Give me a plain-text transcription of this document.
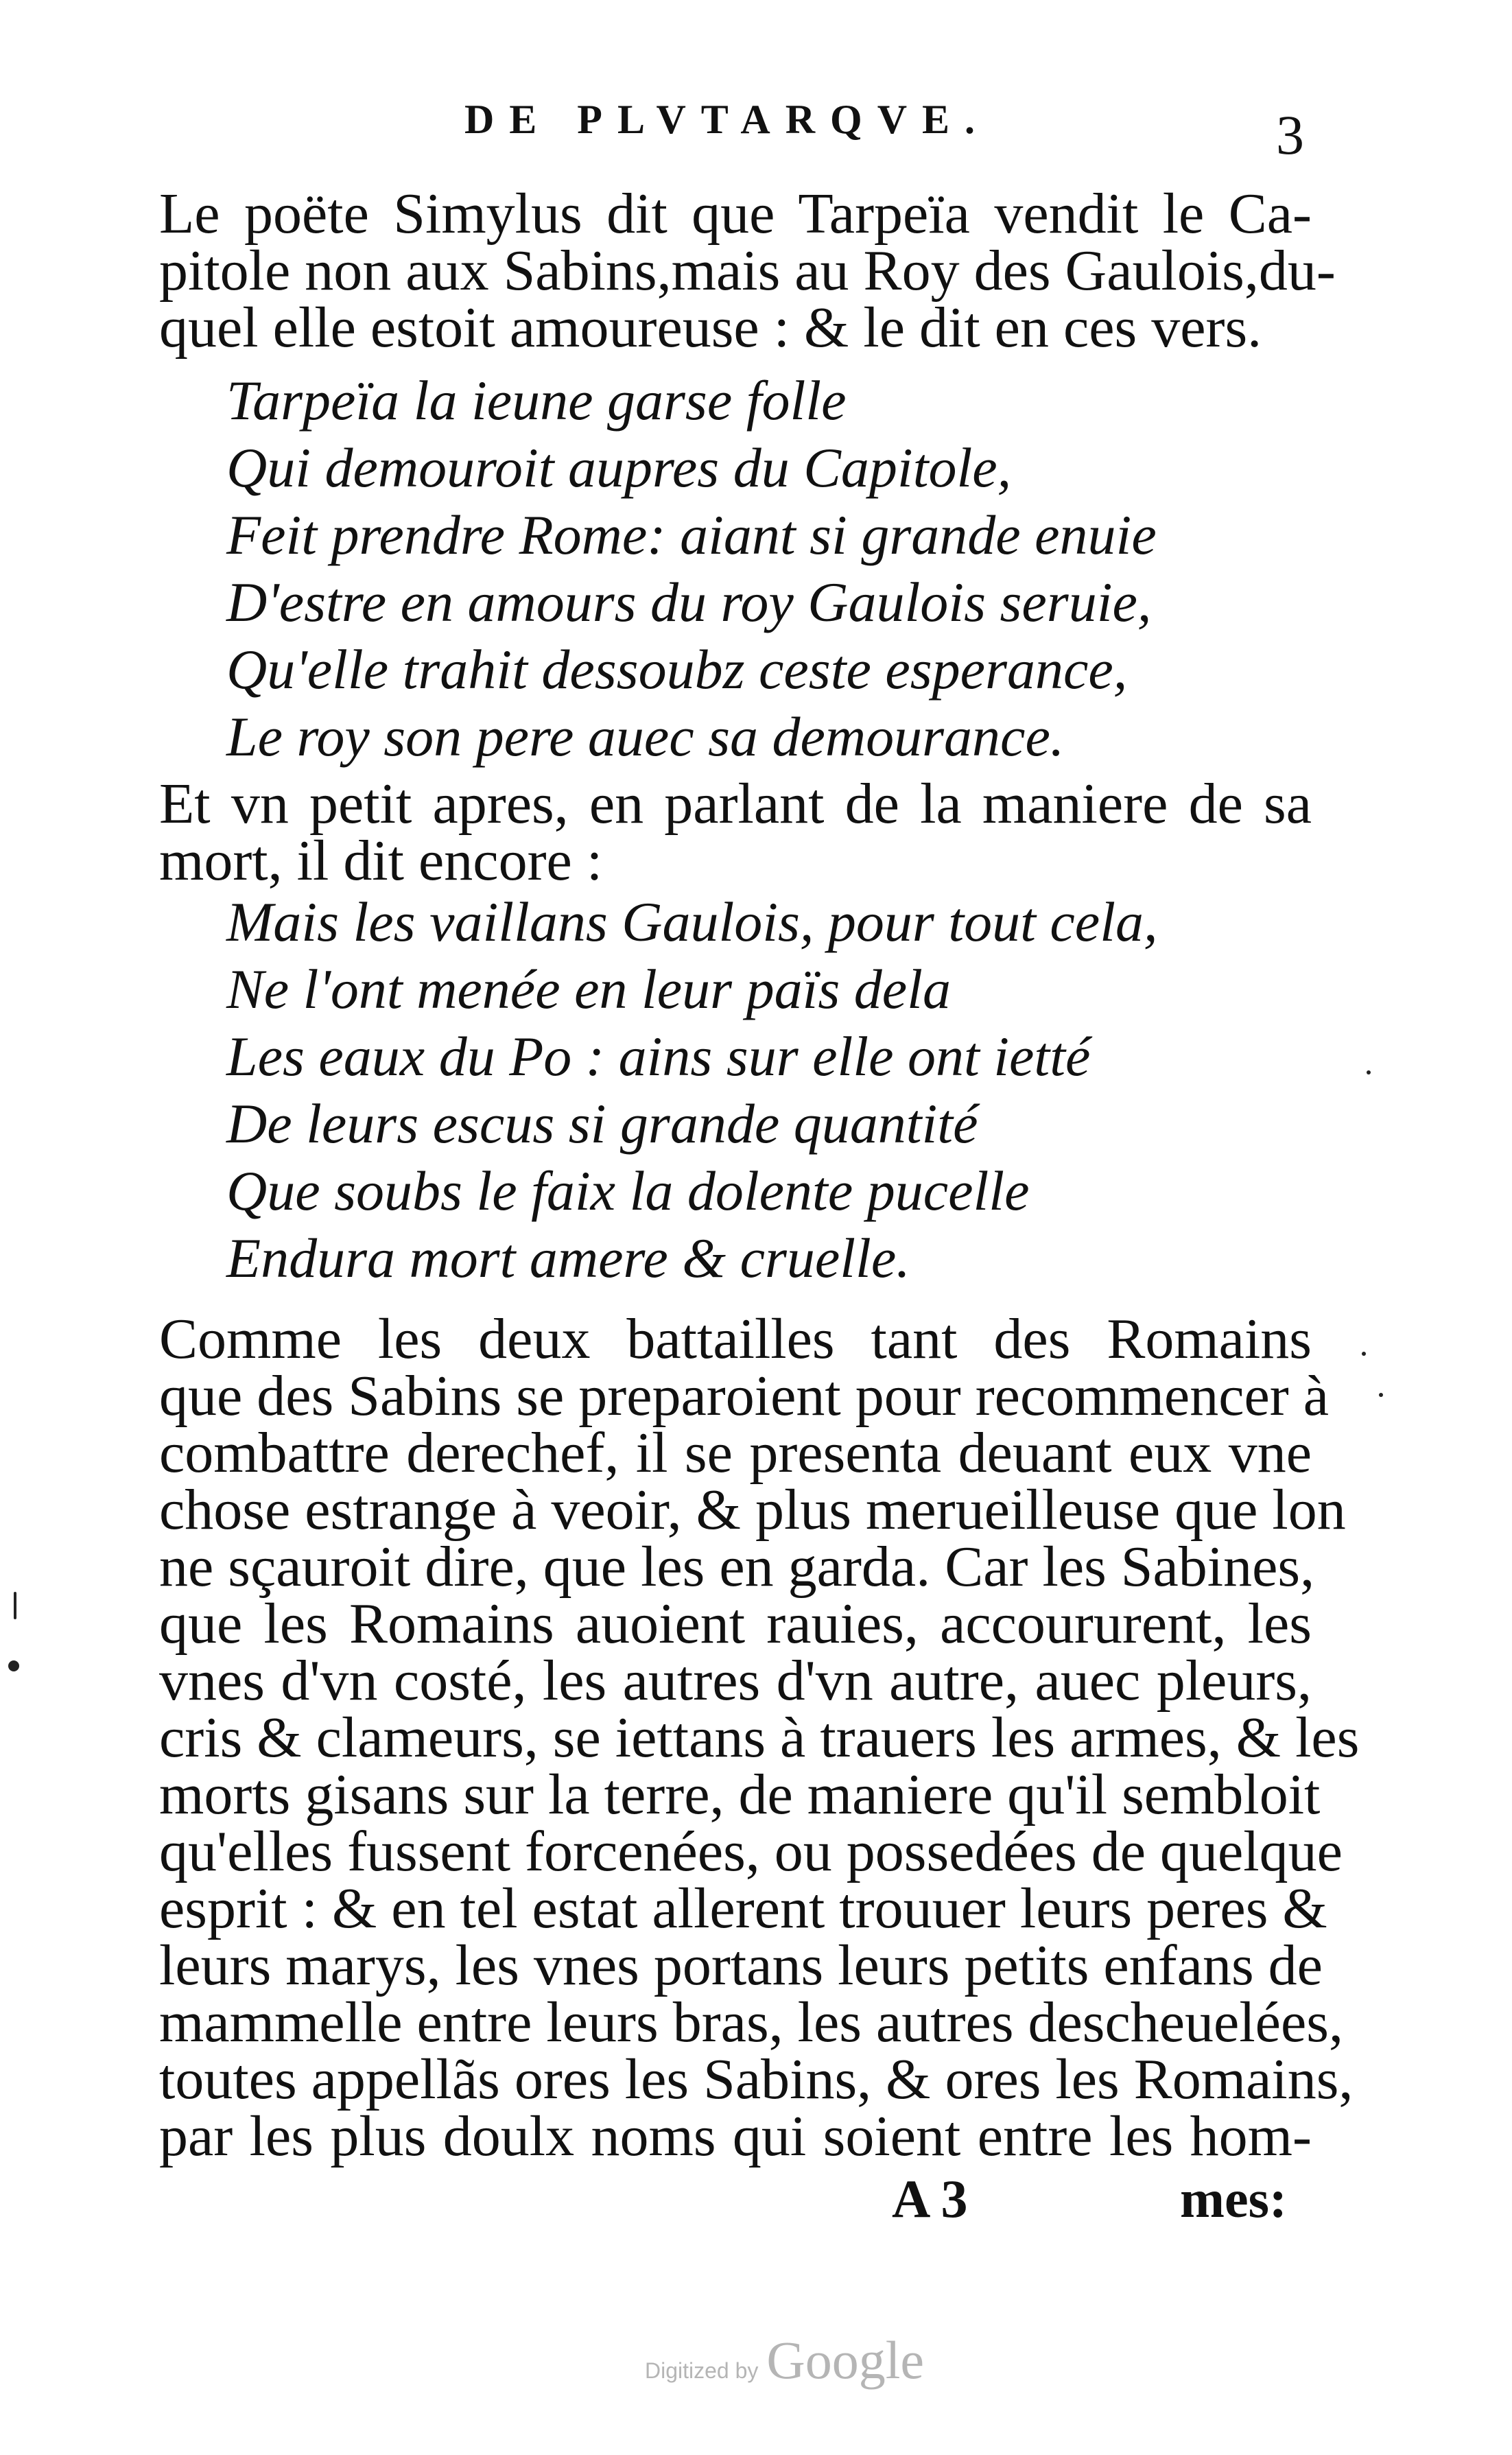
DE PLVTARQVE.	3
Le poëte Simylus dit que Tarpeïa vendit le Ca-
pitole non aux Sabins,mais au Roy des Gaulois,du-
quel elle estoit amoureuse : & le dit en ces vers.
Tarpeïa la ieune garse folle
Qui demouroit aupres du Capitole,
Feit prendre Rome: aiant si grande enuie
D'estre en amours du roy Gaulois seruie,
Qu'elle trahit dessoubz ceste esperance,
Le roy son pere auec sa demourance.
Et vn petit apres, en parlant de la maniere de sa
mort, il dit encore :
Mais les vaillans Gaulois, pour tout cela,
Ne l'ont menée en leur païs dela
Les eaux du Po : ains sur elle ont ietté
De leurs escus si grande quantité
Que soubs le faix la dolente pucelle
Endura mort amere & cruelle.
Comme les deux battailles tant des Romains
que des Sabins se preparoient pour recommencer à
combattre derechef, il se presenta deuant eux vne
chose estrange à veoir, & plus merueilleuse que lon
ne sçauroit dire, que les en garda. Car les Sabines,
que les Romains auoient rauies, accoururent, les
vnes d'vn costé, les autres d'vn autre, auec pleurs,
cris & clameurs, se iettans à trauers les armes, & les
morts gisans sur la terre, de maniere qu'il sembloit
qu'elles fussent forcenées, ou possedées de quelque
esprit : & en tel estat allerent trouuer leurs peres &
leurs marys, les vnes portans leurs petits enfans de
mammelle entre leurs bras, les autres descheuelées,
toutes appellãs ores les Sabins, & ores les Romains,
par les plus doulx noms qui soient entre les hom-
A 3	mes:
Digitized by Google
